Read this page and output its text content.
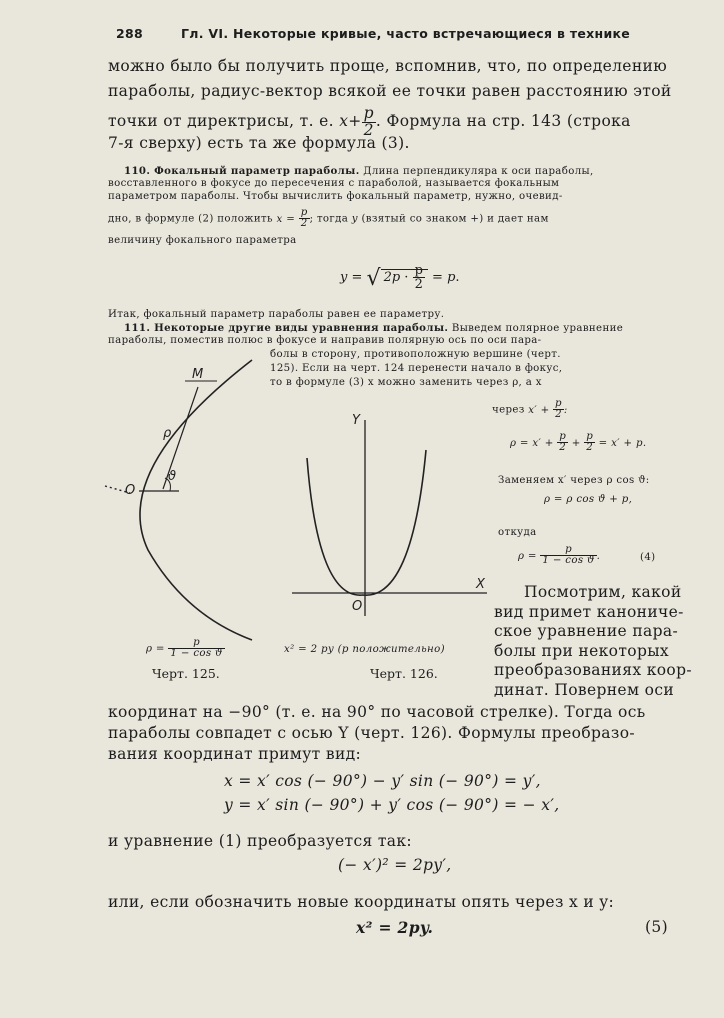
288	Гл. VI. Некоторые кривые, часто встречающиеся в технике
можно было бы получить проще, вспомнив, что, по определению
параболы, радиус-вектор всякой ее точки равен расстоянию этой
точки от директрисы, т. е. $x+ \frac{p}{2}$ . Формула на стр. 143 (строка
7-я сверху) есть та же формула (3).
110. Фокальный параметр параболы. Длина перпендикуляра к оси параболы,
восставленного в фокусе до пересечения с параболой, называется фокальным
параметром параболы. Чтобы вычислить фокальный параметр, нужно, очевид-
дно, в формуле (2) положить $x = \frac{p}{2}$ ; тогда y (взятый со знаком +) и дает нам
величину фокального параметра
y = √ $2p \cdot \frac{p}{2} = p$.
Итак, фокальный параметр параболы равен ее параметру.
111. Некоторые другие виды уравнения параболы. Выведем полярное уравнение
параболы, поместив полюс в фокусе и направив полярную ось по оси пара-
болы в сторону, противоположную вершине (черт.
125). Если на черт. 124 перенести начало в фокус,
то в формуле (3) x можно заменить через ρ, а x
через $x' + \frac{p}{2}$ :
$\rho = x' + \frac{p}{2} + \frac{p}{2} = x' + p$.
Заменяем x′ через ρ cos ϑ:
ρ = ρ cos ϑ + p,
откуда
$\rho = \frac{p}{\text{1 − cos ϑ}}$ .	(4)
Посмотрим, какой
вид примет канониче-
ское уравнение пара-
болы при некоторых
преобразованиях коор-
динат. Повернем оси
координат на −90° (т. е. на 90° по часовой стрелке). Тогда ось
параболы совпадет с осью Y (черт. 126). Формулы преобразо-
вания координат примут вид:
x = x′ cos (− 90°) − y′ sin (− 90°) = y′,
y = x′ sin (− 90°) + y′ cos (− 90°) = − x′,
и уравнение (1) преобразуется так:
(− x′)² = 2py′,
или, если обозначить новые координаты опять через x и y:
x² = 2py.	(5)
M
ρ
O
ϑ
$\rho = \frac{p}{\text{1 − cos ϑ}}$
Черт. 125.
Y
X
O
x² = 2 py (p положительно)
Черт. 126.
